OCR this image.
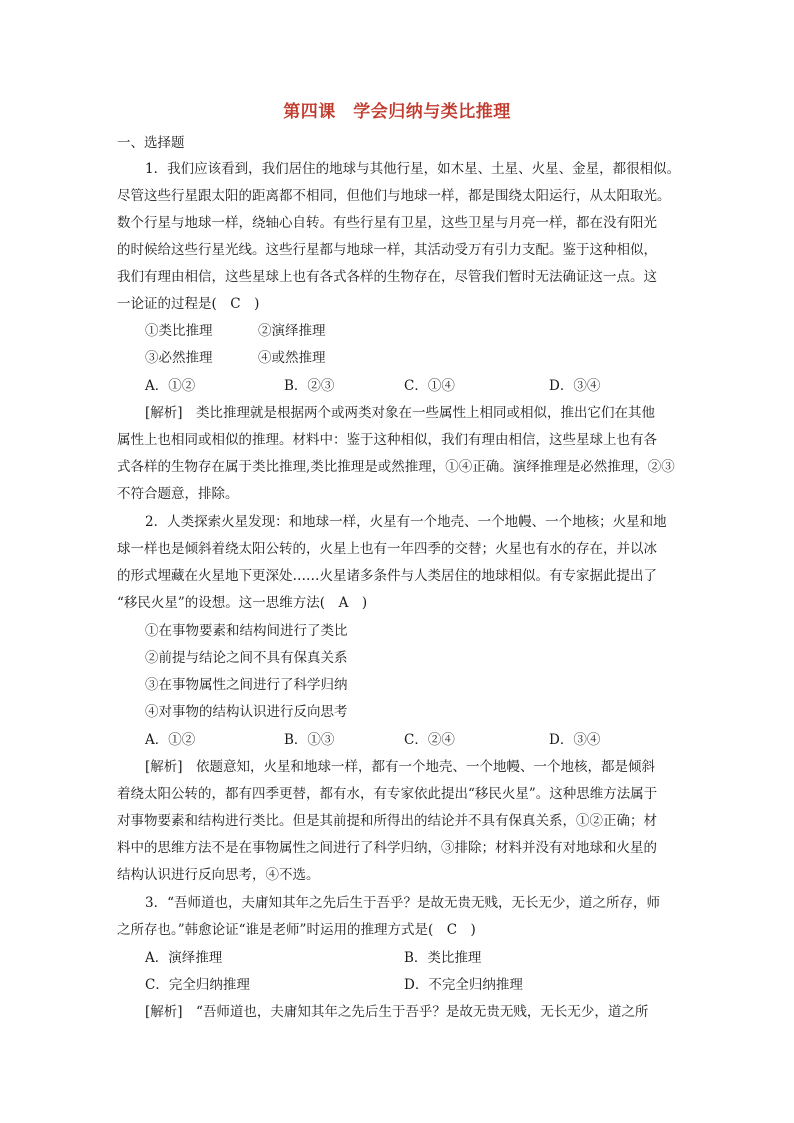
第四课　学会归纳与类比推理
一、选择题
1．我们应该看到，我们居住的地球与其他行星，如木星、土星、火星、金星，都很相似。
尽管这些行星跟太阳的距离都不相同，但他们与地球一样，都是围绕太阳运行，从太阳取光。
数个行星与地球一样，绕轴心自转。有些行星有卫星，这些卫星与月亮一样，都在没有阳光
的时候给这些行星光线。这些行星都与地球一样，其活动受万有引力支配。鉴于这种相似，
我们有理由相信，这些星球上也有各式各样的生物存在，尽管我们暂时无法确证这一点。这
一论证的过程是(　C　)
①类比推理	②演绎推理
③必然推理	④或然推理
A．①②	B．②③	C．①④	D．③④
[解析]　类比推理就是根据两个或两类对象在一些属性上相同或相似，推出它们在其他
属性上也相同或相似的推理。材料中：鉴于这种相似，我们有理由相信，这些星球上也有各
式各样的生物存在属于类比推理,类比推理是或然推理，①④正确。演绎推理是必然推理，②③
不符合题意，排除。
2．人类探索火星发现：和地球一样，火星有一个地壳、一个地幔、一个地核；火星和地
球一样也是倾斜着绕太阳公转的，火星上也有一年四季的交替；火星也有水的存在，并以冰
的形式埋藏在火星地下更深处……火星诸多条件与人类居住的地球相似。有专家据此提出了
“移民火星”的设想。这一思维方法(　A　)
①在事物要素和结构间进行了类比
②前提与结论之间不具有保真关系
③在事物属性之间进行了科学归纳
④对事物的结构认识进行反向思考
A．①②	B．①③	C．②④	D．③④
[解析]　依题意知，火星和地球一样，都有一个地壳、一个地幔、一个地核，都是倾斜
着绕太阳公转的，都有四季更替，都有水，有专家依此提出“移民火星”。这种思维方法属于
对事物要素和结构进行类比。但是其前提和所得出的结论并不具有保真关系，①②正确；材
料中的思维方法不是在事物属性之间进行了科学归纳，③排除；材料并没有对地球和火星的
结构认识进行反向思考，④不选。
3．“吾师道也，夫庸知其年之先后生于吾乎？是故无贵无贱，无长无少，道之所存，师
之所存也。”韩愈论证“谁是老师”时运用的推理方式是(　C　)
A．演绎推理	B．类比推理
C．完全归纳推理	D．不完全归纳推理
[解析]　“吾师道也，夫庸知其年之先后生于吾乎？是故无贵无贱，无长无少，道之所
